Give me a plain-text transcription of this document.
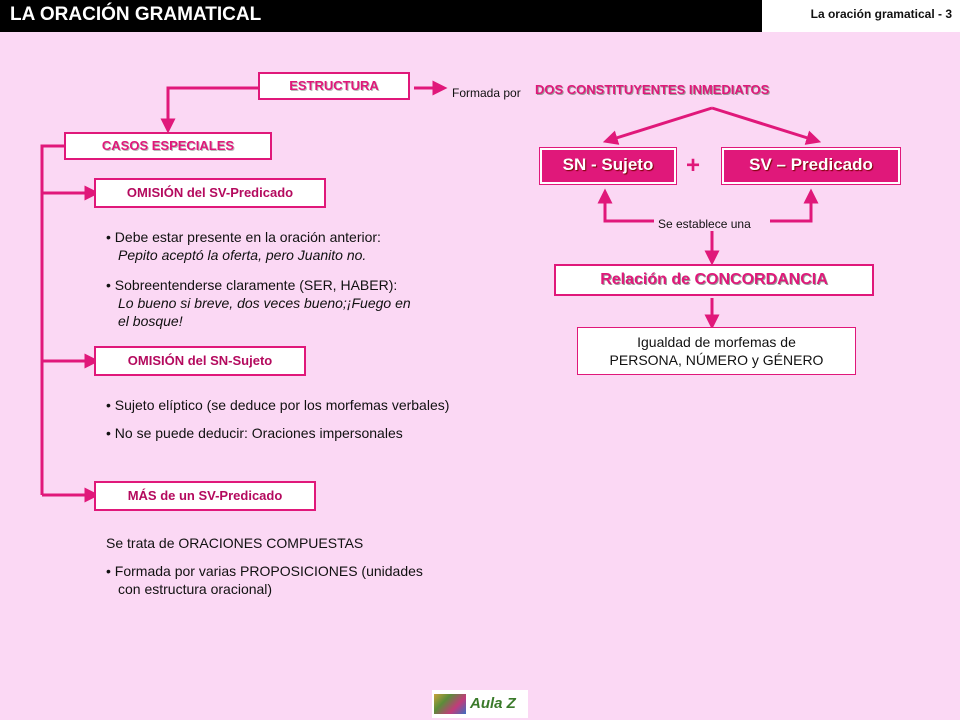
LA ORACIÓN GRAMATICAL	La oración gramatical - 3
ESTRUCTURA	Formada por DOS CONSTITUYENTES INMEDIATOS
CASOS ESPECIALES
OMISIÓN del SV-Predicado
• Debe estar presente en la oración anterior:
Pepito aceptó la oferta, pero Juanito no.
• Sobreentenderse claramente (SER, HABER):
Lo bueno si breve, dos veces bueno;¡Fuego en
el bosque!
OMISIÓN del SN-Sujeto
• Sujeto elíptico (se deduce por los morfemas verbales)
• No se puede deducir: Oraciones impersonales
MÁS de un SV-Predicado
Se trata de ORACIONES COMPUESTAS
• Formada por varias PROPOSICIONES (unidades
con estructura oracional)
SN - Sujeto	+	SV – Predicado
Se establece una
Relación de CONCORDANCIA
Igualdad de morfemas de
PERSONA, NÚMERO y GÉNERO
Aula Z
